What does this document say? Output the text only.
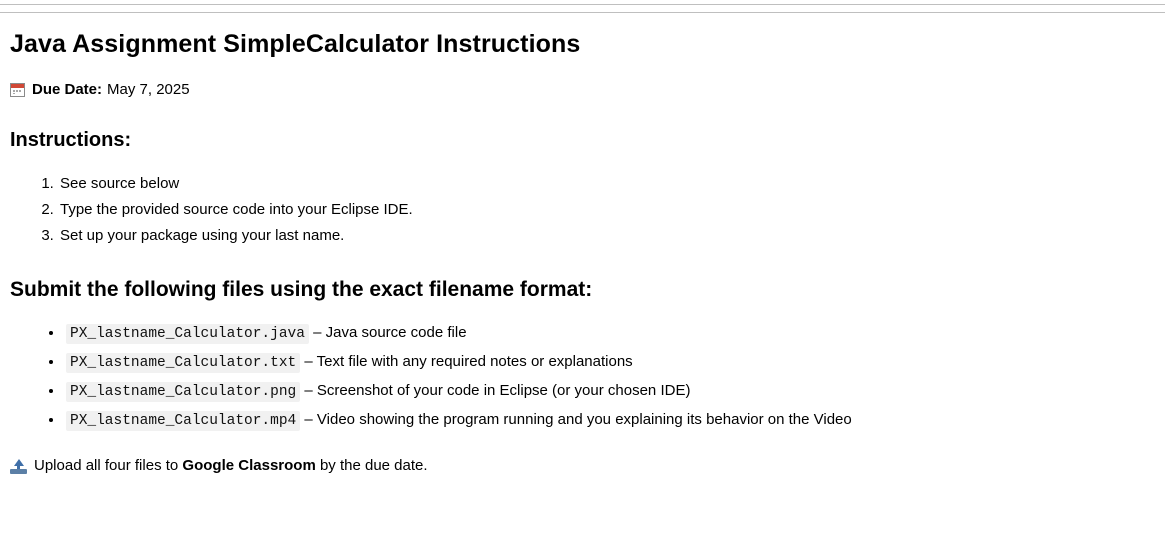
Java Assignment SimpleCalculator Instructions
Due Date: May 7, 2025
Instructions:
1. See source below
2. Type the provided source code into your Eclipse IDE.
3. Set up your package using your last name.
Submit the following files using the exact filename format:
• PX_lastname_Calculator.java – Java source code file
• PX_lastname_Calculator.txt – Text file with any required notes or explanations
• PX_lastname_Calculator.png – Screenshot of your code in Eclipse (or your chosen IDE)
• PX_lastname_Calculator.mp4 – Video showing the program running and you explaining its behavior on the Video
Upload all four files to
Google Classroom
by the due date.
